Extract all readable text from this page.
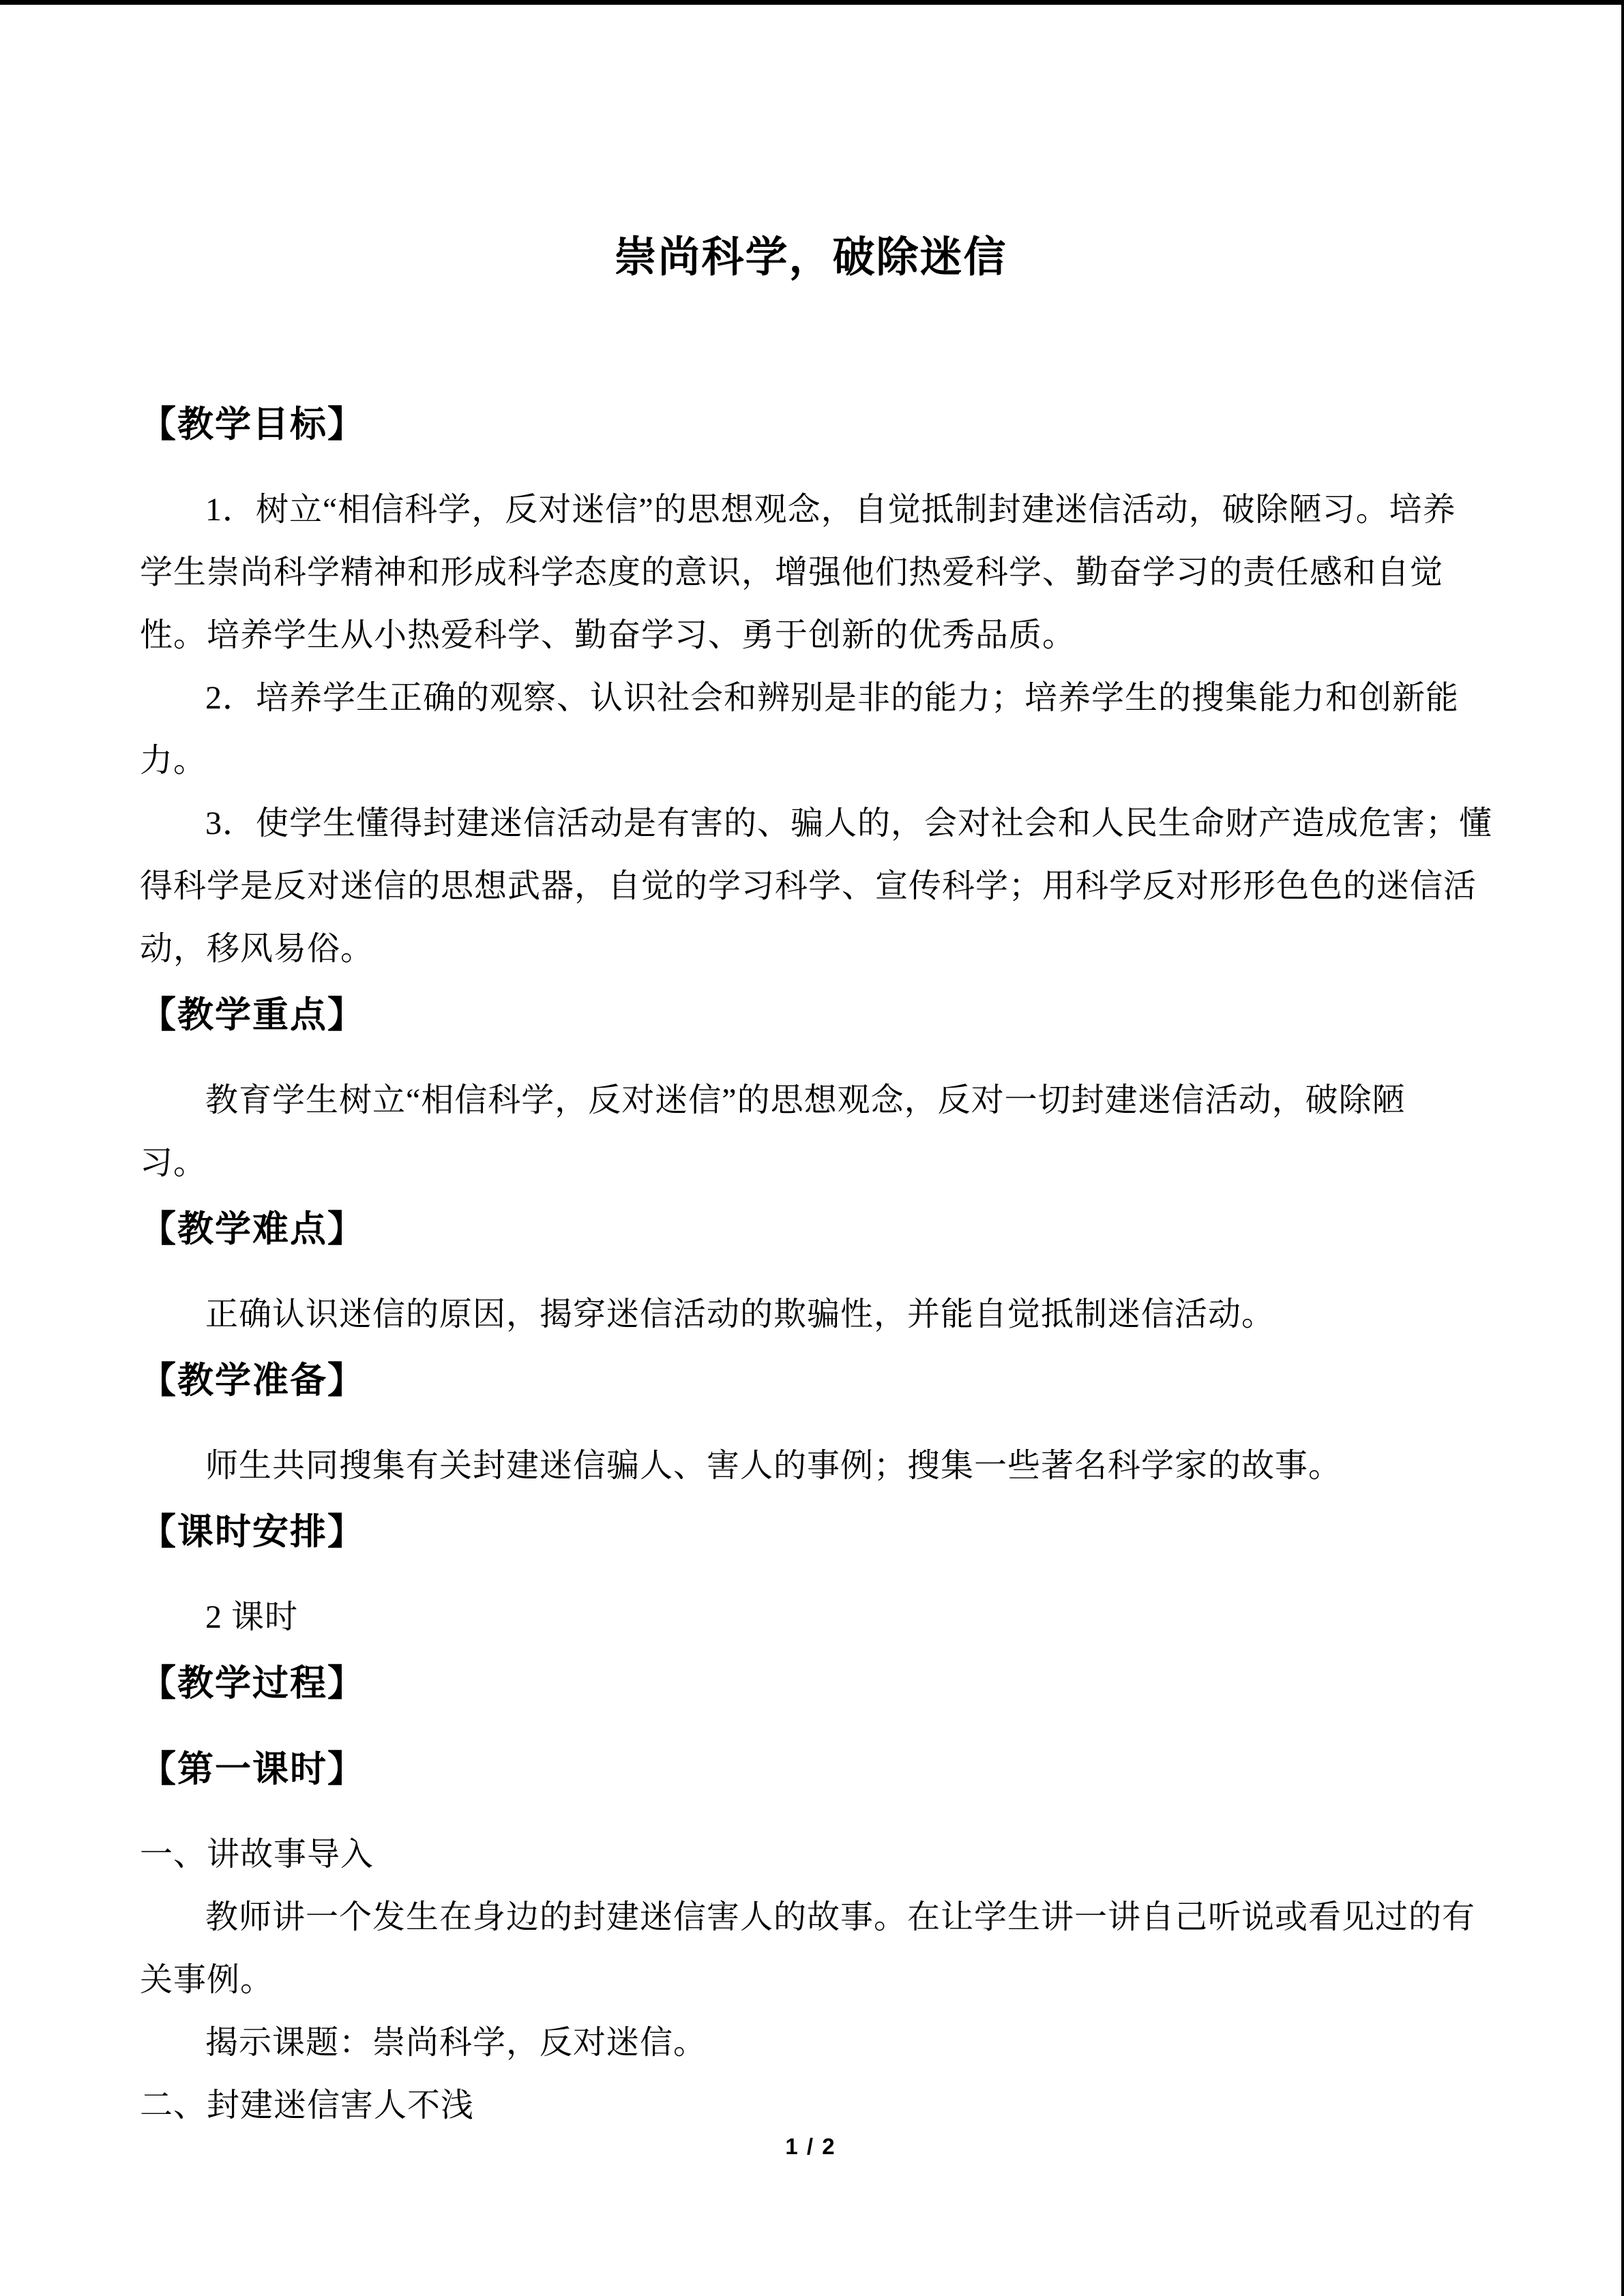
崇尚科学，破除迷信
【教学目标】
1．树立“相信科学，反对迷信”的思想观念，自觉抵制封建迷信活动，破除陋习。培养
学生崇尚科学精神和形成科学态度的意识，增强他们热爱科学、勤奋学习的责任感和自觉
性。培养学生从小热爱科学、勤奋学习、勇于创新的优秀品质。
2．培养学生正确的观察、认识社会和辨别是非的能力；培养学生的搜集能力和创新能
力。
3．使学生懂得封建迷信活动是有害的、骗人的，会对社会和人民生命财产造成危害；懂
得科学是反对迷信的思想武器，自觉的学习科学、宣传科学；用科学反对形形色色的迷信活
动，移风易俗。
【教学重点】
教育学生树立“相信科学，反对迷信”的思想观念，反对一切封建迷信活动，破除陋
习。
【教学难点】
正确认识迷信的原因，揭穿迷信活动的欺骗性，并能自觉抵制迷信活动。
【教学准备】
师生共同搜集有关封建迷信骗人、害人的事例；搜集一些著名科学家的故事。
【课时安排】
2 课时
【教学过程】
【第一课时】
一、讲故事导入
教师讲一个发生在身边的封建迷信害人的故事。在让学生讲一讲自己听说或看见过的有
关事例。
揭示课题：崇尚科学，反对迷信。
二、封建迷信害人不浅
1 / 2
